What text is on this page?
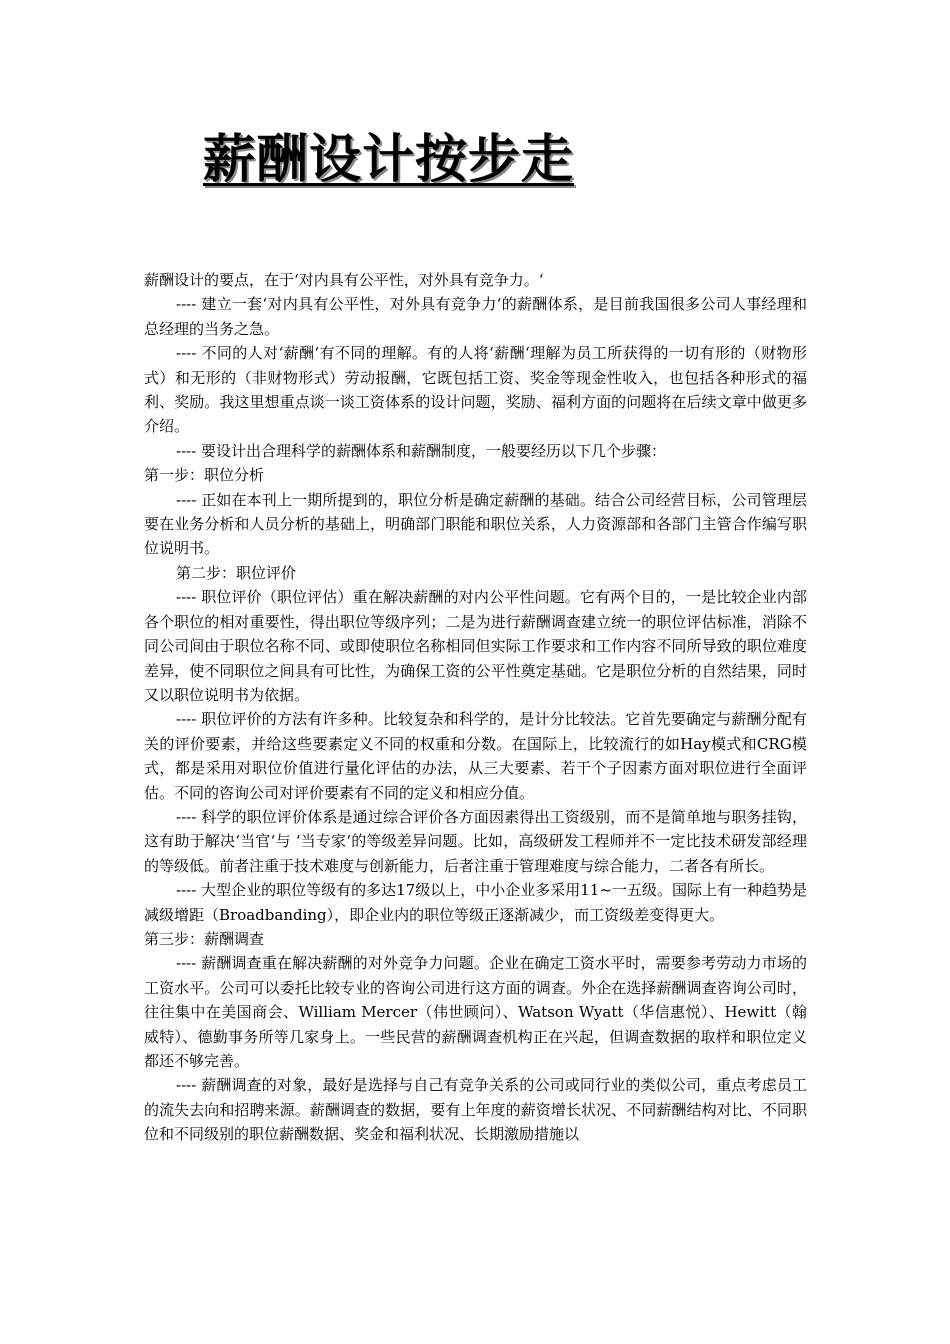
薪酬设计按步走

薪酬设计的要点，在于‘对内具有公平性，对外具有竞争力。‘

---- 建立一套‘对内具有公平性，对外具有竞争力‘的薪酬体系，是目前我国很多公司人事经理和总经理的当务之急。

---- 不同的人对‘薪酬‘有不同的理解。有的人将‘薪酬‘理解为员工所获得的一切有形的（财物形式）和无形的（非财物形式）劳动报酬，它既包括工资、奖金等现金性收入，也包括各种形式的福利、奖励。我这里想重点谈一谈工资体系的设计问题，奖励、福利方面的问题将在后续文章中做更多介绍。

---- 要设计出合理科学的薪酬体系和薪酬制度，一般要经历以下几个步骤：

第一步：职位分析

---- 正如在本刊上一期所提到的，职位分析是确定薪酬的基础。结合公司经营目标，公司管理层要在业务分析和人员分析的基础上，明确部门职能和职位关系，人力资源部和各部门主管合作编写职位说明书。

第二步：职位评价

---- 职位评价（职位评估）重在解决薪酬的对内公平性问题。它有两个目的，一是比较企业内部各个职位的相对重要性，得出职位等级序列；二是为进行薪酬调查建立统一的职位评估标准，消除不同公司间由于职位名称不同、或即使职位名称相同但实际工作要求和工作内容不同所导致的职位难度差异，使不同职位之间具有可比性，为确保工资的公平性奠定基础。它是职位分析的自然结果，同时又以职位说明书为依据。

---- 职位评价的方法有许多种。比较复杂和科学的，是计分比较法。它首先要确定与薪酬分配有关的评价要素，并给这些要素定义不同的权重和分数。在国际上，比较流行的如Hay模式和CRG模式，都是采用对职位价值进行量化评估的办法，从三大要素、若干个子因素方面对职位进行全面评估。不同的咨询公司对评价要素有不同的定义和相应分值。

---- 科学的职位评价体系是通过综合评价各方面因素得出工资级别，而不是简单地与职务挂钩，这有助于解决‘当官‘与 ‘当专家‘的等级差异问题。比如，高级研发工程师并不一定比技术研发部经理的等级低。前者注重于技术难度与创新能力，后者注重于管理难度与综合能力，二者各有所长。

---- 大型企业的职位等级有的多达17级以上，中小企业多采用11~一五级。国际上有一种趋势是减级增距（Broadbanding），即企业内的职位等级正逐渐减少，而工资级差变得更大。

第三步：薪酬调查

---- 薪酬调查重在解决薪酬的对外竞争力问题。企业在确定工资水平时，需要参考劳动力市场的工资水平。公司可以委托比较专业的咨询公司进行这方面的调查。外企在选择薪酬调查咨询公司时，往往集中在美国商会、William Mercer（伟世顾问）、Watson Wyatt（华信惠悦）、Hewitt（翰威特）、德勤事务所等几家身上。一些民营的薪酬调查机构正在兴起，但调查数据的取样和职位定义都还不够完善。

---- 薪酬调查的对象，最好是选择与自己有竞争关系的公司或同行业的类似公司，重点考虑员工的流失去向和招聘来源。薪酬调查的数据，要有上年度的薪资增长状况、不同薪酬结构对比、不同职位和不同级别的职位薪酬数据、奖金和福利状况、长期激励措施以
